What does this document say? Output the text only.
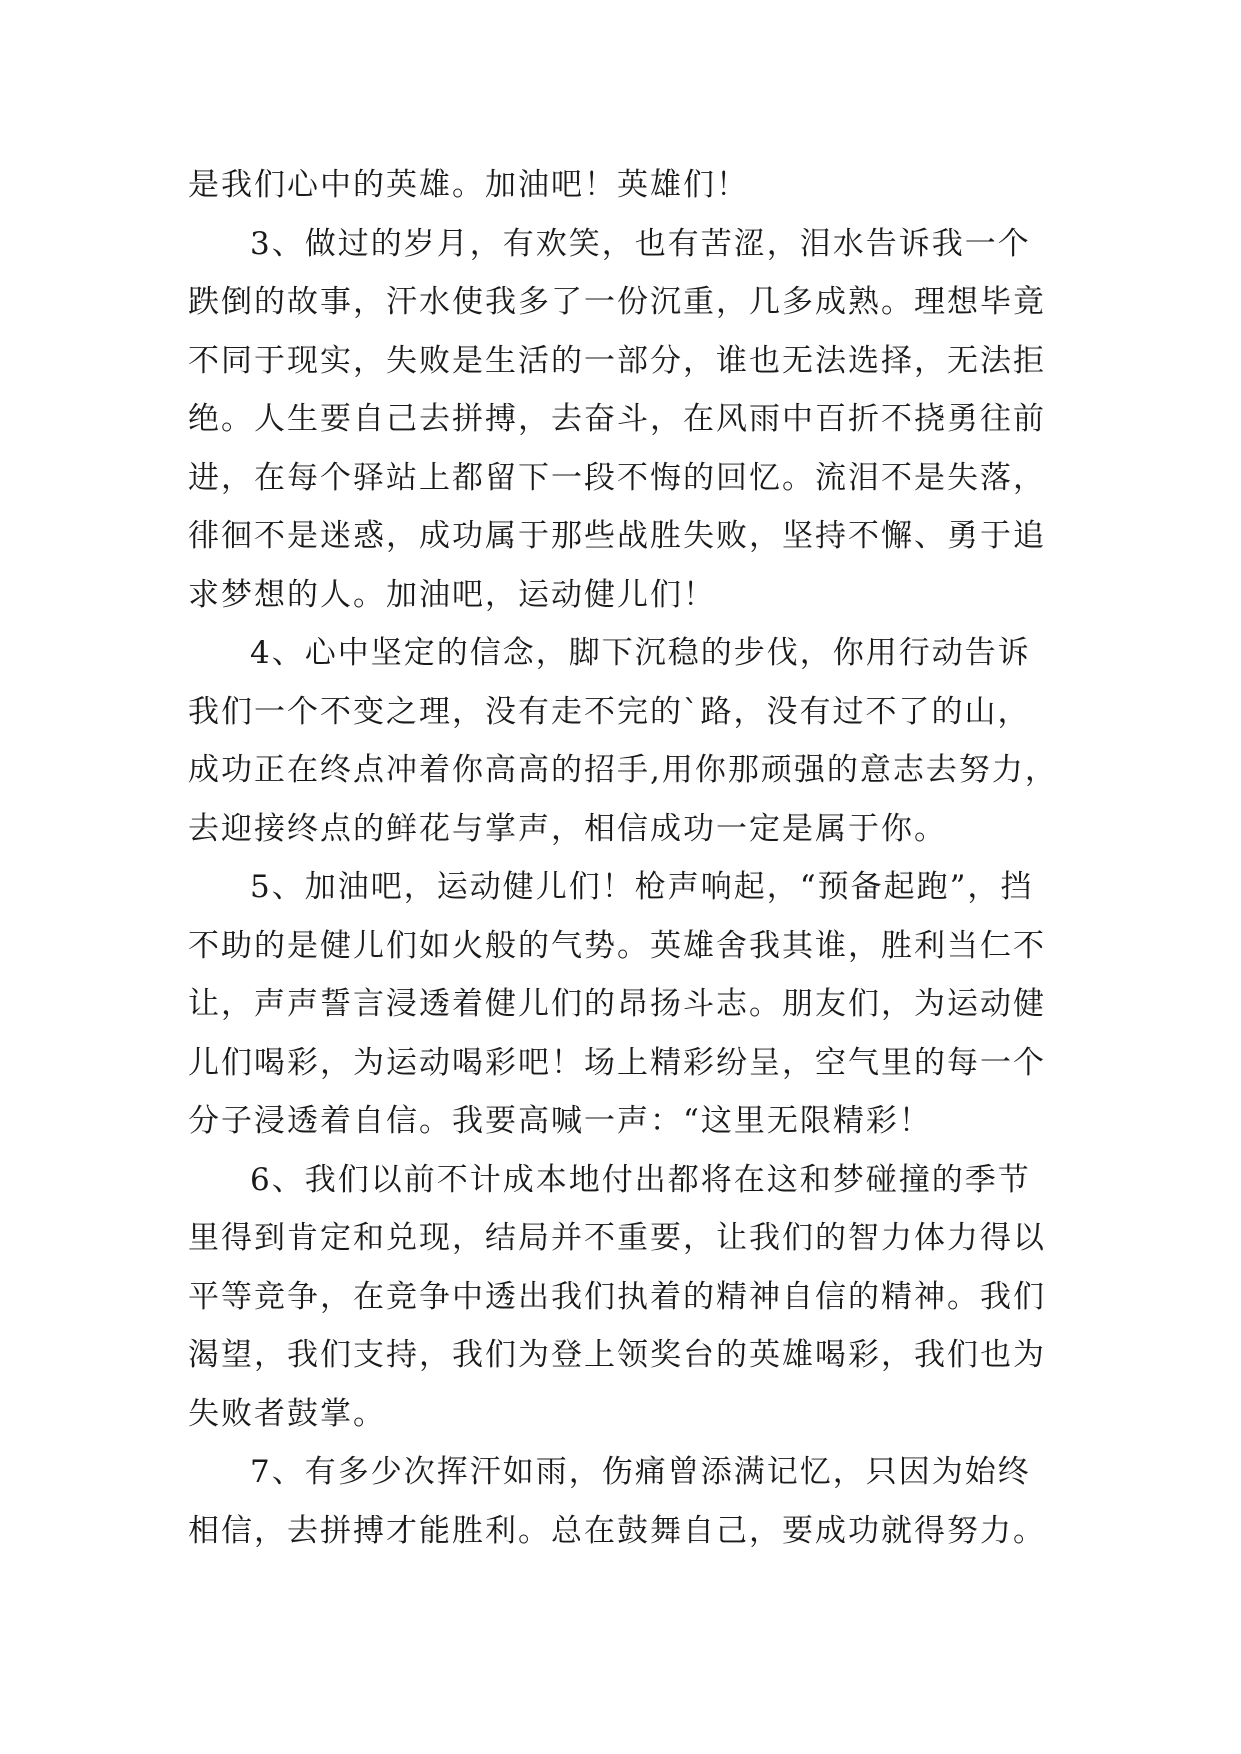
是我们心中的英雄。加油吧！英雄们！
3、做过的岁月，有欢笑，也有苦涩，泪水告诉我一个
跌倒的故事，汗水使我多了一份沉重，几多成熟。理想毕竟
不同于现实，失败是生活的一部分，谁也无法选择，无法拒
绝。人生要自己去拼搏，去奋斗，在风雨中百折不挠勇往前
进，在每个驿站上都留下一段不悔的回忆。流泪不是失落，
徘徊不是迷惑，成功属于那些战胜失败，坚持不懈、勇于追
求梦想的人。加油吧，运动健儿们！
4、心中坚定的信念，脚下沉稳的步伐，你用行动告诉
我们一个不变之理，没有走不完的`路，没有过不了的山，
成功正在终点冲着你高高的招手,用你那顽强的意志去努力，
去迎接终点的鲜花与掌声，相信成功一定是属于你。
5、加油吧，运动健儿们！枪声响起，“预备起跑”，挡
不助的是健儿们如火般的气势。英雄舍我其谁，胜利当仁不
让，声声誓言浸透着健儿们的昂扬斗志。朋友们，为运动健
儿们喝彩，为运动喝彩吧！场上精彩纷呈，空气里的每一个
分子浸透着自信。我要高喊一声：“这里无限精彩！
6、我们以前不计成本地付出都将在这和梦碰撞的季节
里得到肯定和兑现，结局并不重要，让我们的智力体力得以
平等竞争，在竞争中透出我们执着的精神自信的精神。我们
渴望，我们支持，我们为登上领奖台的英雄喝彩，我们也为
失败者鼓掌。
7、有多少次挥汗如雨，伤痛曾添满记忆，只因为始终
相信，去拼搏才能胜利。总在鼓舞自己，要成功就得努力。
